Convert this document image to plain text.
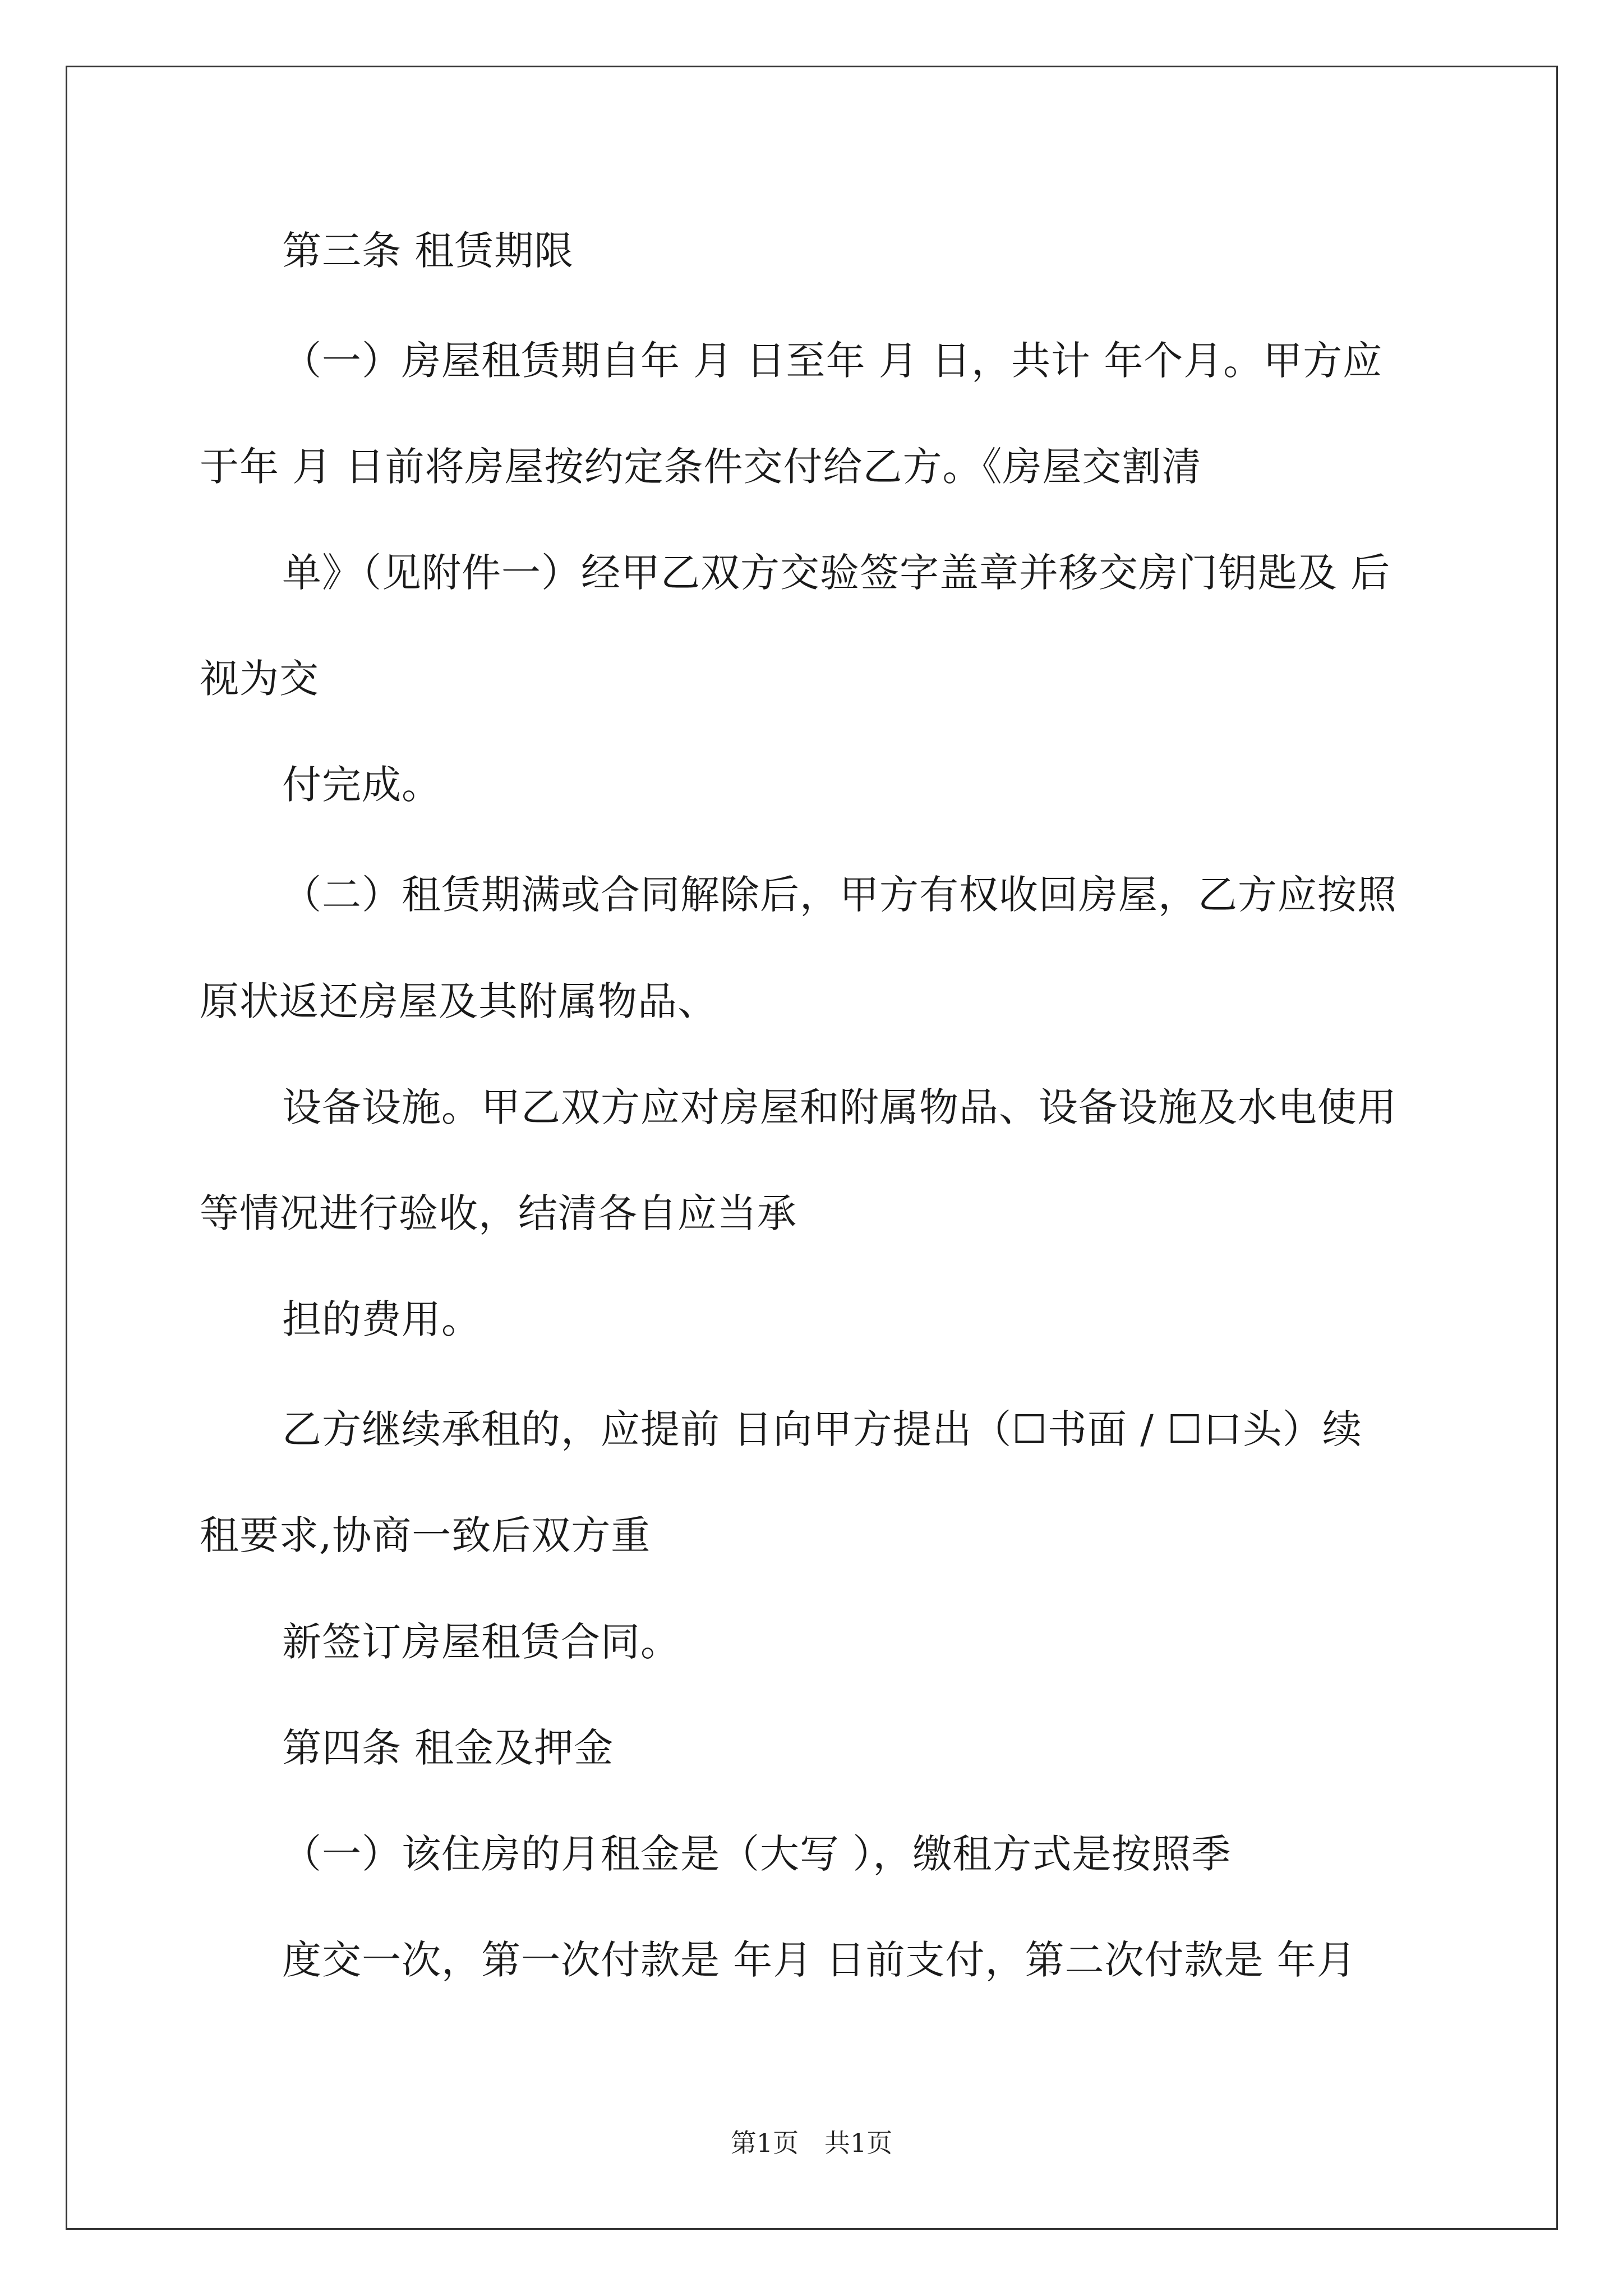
第三条 租赁期限
（一）房屋租赁期自年 月 日至年 月 日，共计 年个月。甲方应
于年 月 日前将房屋按约定条件交付给乙方。《房屋交割清
单》（见附件一）经甲乙双方交验签字盖章并移交房门钥匙及 后
视为交
付完成。
（二）租赁期满或合同解除后，甲方有权收回房屋，乙方应按照
原状返还房屋及其附属物品、
设备设施。甲乙双方应对房屋和附属物品、设备设施及水电使用
等情况进行验收，结清各自应当承
担的费用。
乙方继续承租的，应提前 日向甲方提出（☐书面 / ☐口头）续
租要求,协商一致后双方重
新签订房屋租赁合同。
第四条 租金及押金
（一）该住房的月租金是（大写 ），缴租方式是按照季
度交一次，第一次付款是 年月 日前支付，第二次付款是 年月
第1页　共1页
